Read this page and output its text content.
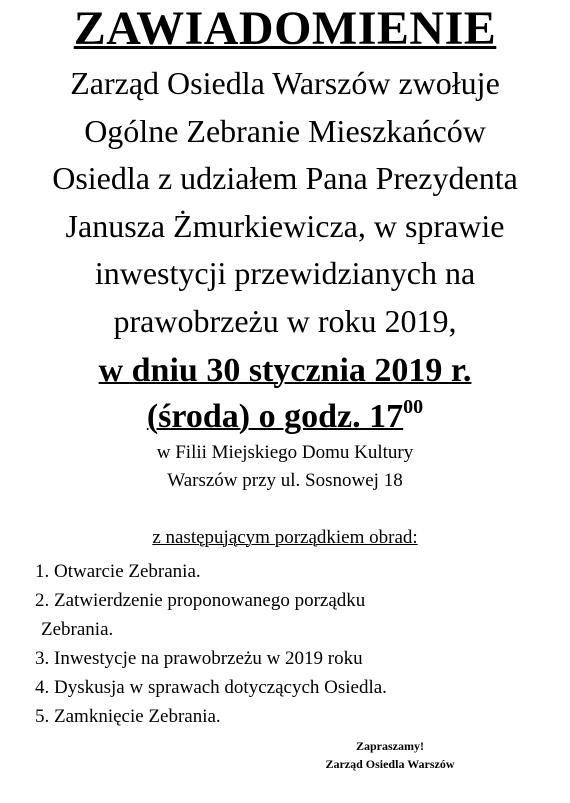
ZAWIADOMIENIE
Zarząd Osiedla Warszów zwołuje
Ogólne Zebranie Mieszkańców
Osiedla z udziałem Pana Prezydenta
Janusza Żmurkiewicza, w sprawie
inwestycji przewidzianych na
prawobrzeżu w roku 2019,
w dniu 30 stycznia 2019 r.
(środa) o godz. $17^{00}$
w Filii Miejskiego Domu Kultury
Warszów przy ul. Sosnowej 18
z następującym porządkiem obrad:
1. Otwarcie Zebrania.
2. Zatwierdzenie proponowanego porządku
Zebrania.
3. Inwestycje na prawobrzeżu w 2019 roku
4. Dyskusja w sprawach dotyczących Osiedla.
5. Zamknięcie Zebrania.
Zapraszamy!
Zarząd Osiedla Warszów
